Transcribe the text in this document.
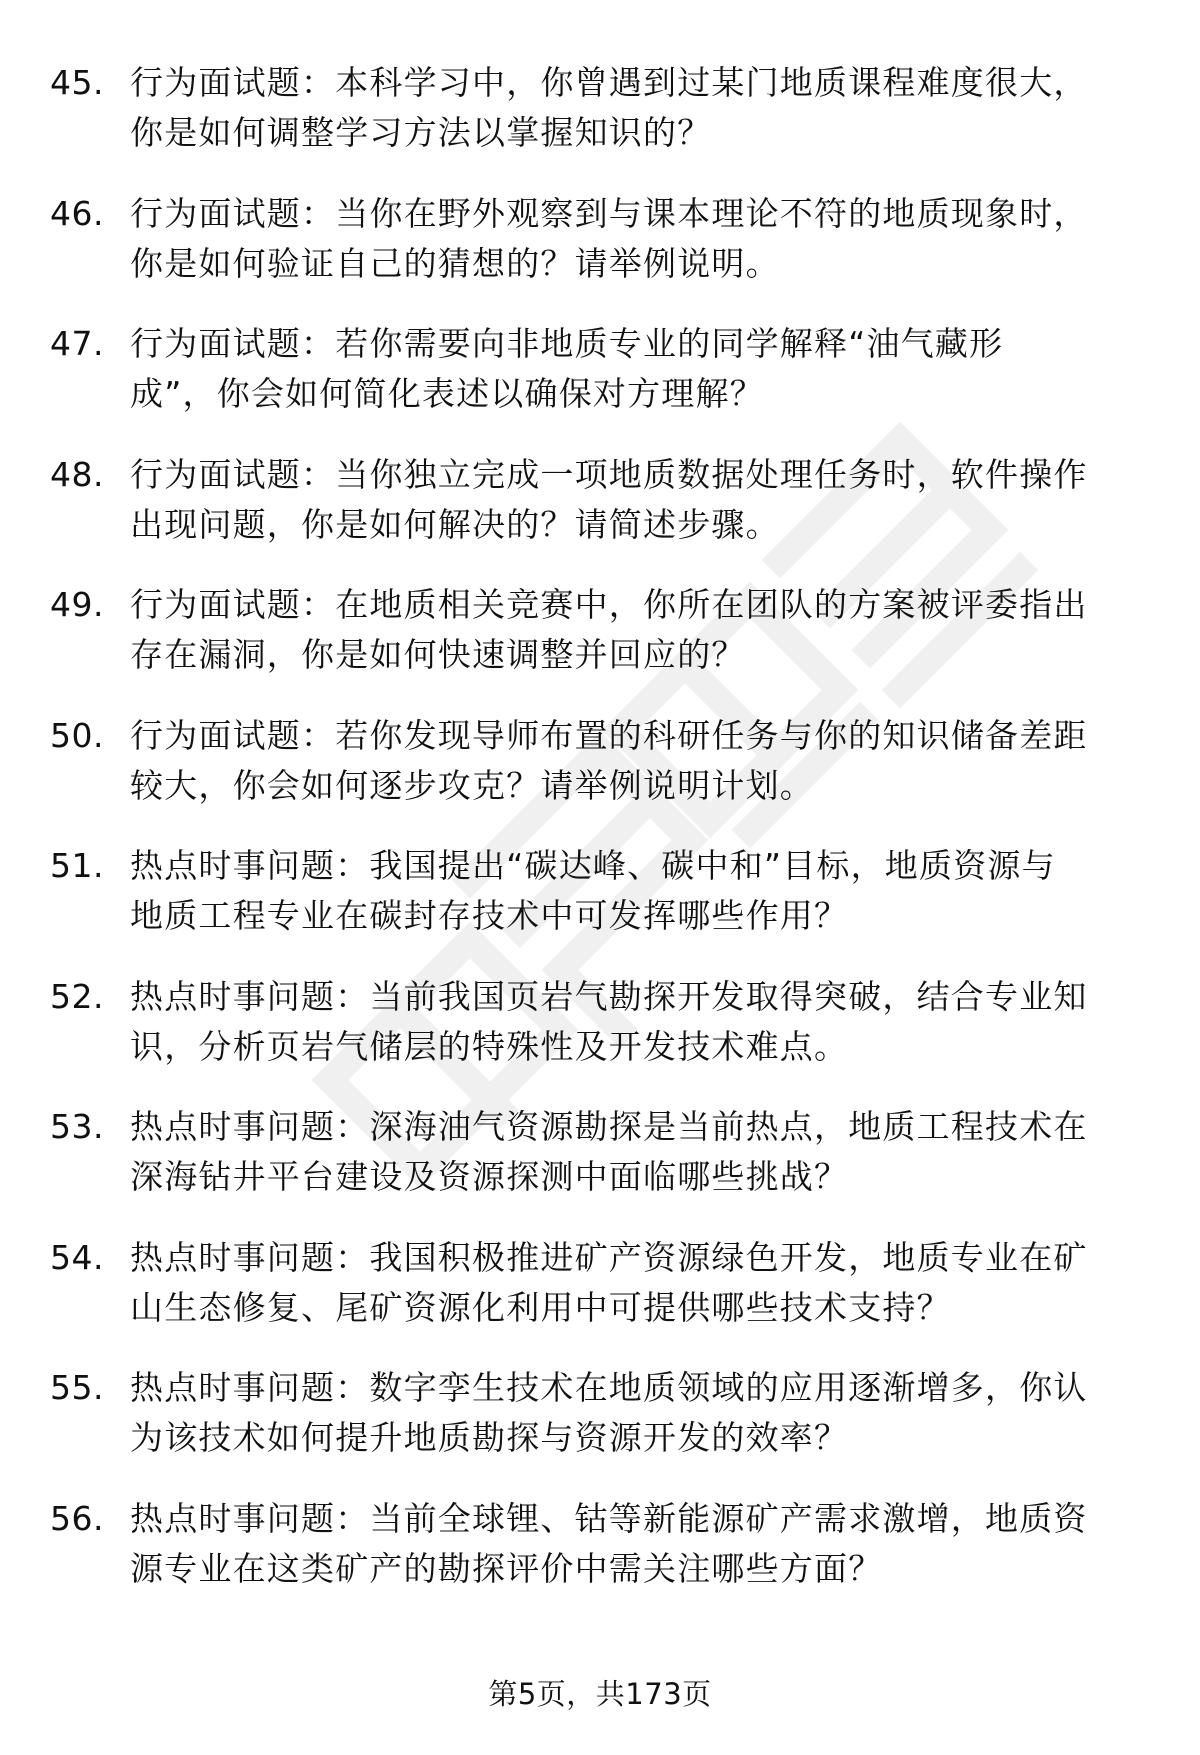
45. 行为面试题：本科学习中，你曾遇到过某门地质课程难度很大，
你是如何调整学习方法以掌握知识的？
46. 行为面试题：当你在野外观察到与课本理论不符的地质现象时，
你是如何验证自己的猜想的？请举例说明。
47. 行为面试题：若你需要向非地质专业的同学解释“油气藏形
成”，你会如何简化表述以确保对方理解？
48. 行为面试题：当你独立完成一项地质数据处理任务时，软件操作
出现问题，你是如何解决的？请简述步骤。
49. 行为面试题：在地质相关竞赛中，你所在团队的方案被评委指出
存在漏洞，你是如何快速调整并回应的？
50. 行为面试题：若你发现导师布置的科研任务与你的知识储备差距
较大，你会如何逐步攻克？请举例说明计划。
51. 热点时事问题：我国提出“碳达峰、碳中和”目标，地质资源与
地质工程专业在碳封存技术中可发挥哪些作用？
52. 热点时事问题：当前我国页岩气勘探开发取得突破，结合专业知
识，分析页岩气储层的特殊性及开发技术难点。
53. 热点时事问题：深海油气资源勘探是当前热点，地质工程技术在
深海钻井平台建设及资源探测中面临哪些挑战？
54. 热点时事问题：我国积极推进矿产资源绿色开发，地质专业在矿
山生态修复、尾矿资源化利用中可提供哪些技术支持？
55. 热点时事问题：数字孪生技术在地质领域的应用逐渐增多，你认
为该技术如何提升地质勘探与资源开发的效率？
56. 热点时事问题：当前全球锂、钴等新能源矿产需求激增，地质资
源专业在这类矿产的勘探评价中需关注哪些方面？
第5页，共173页
